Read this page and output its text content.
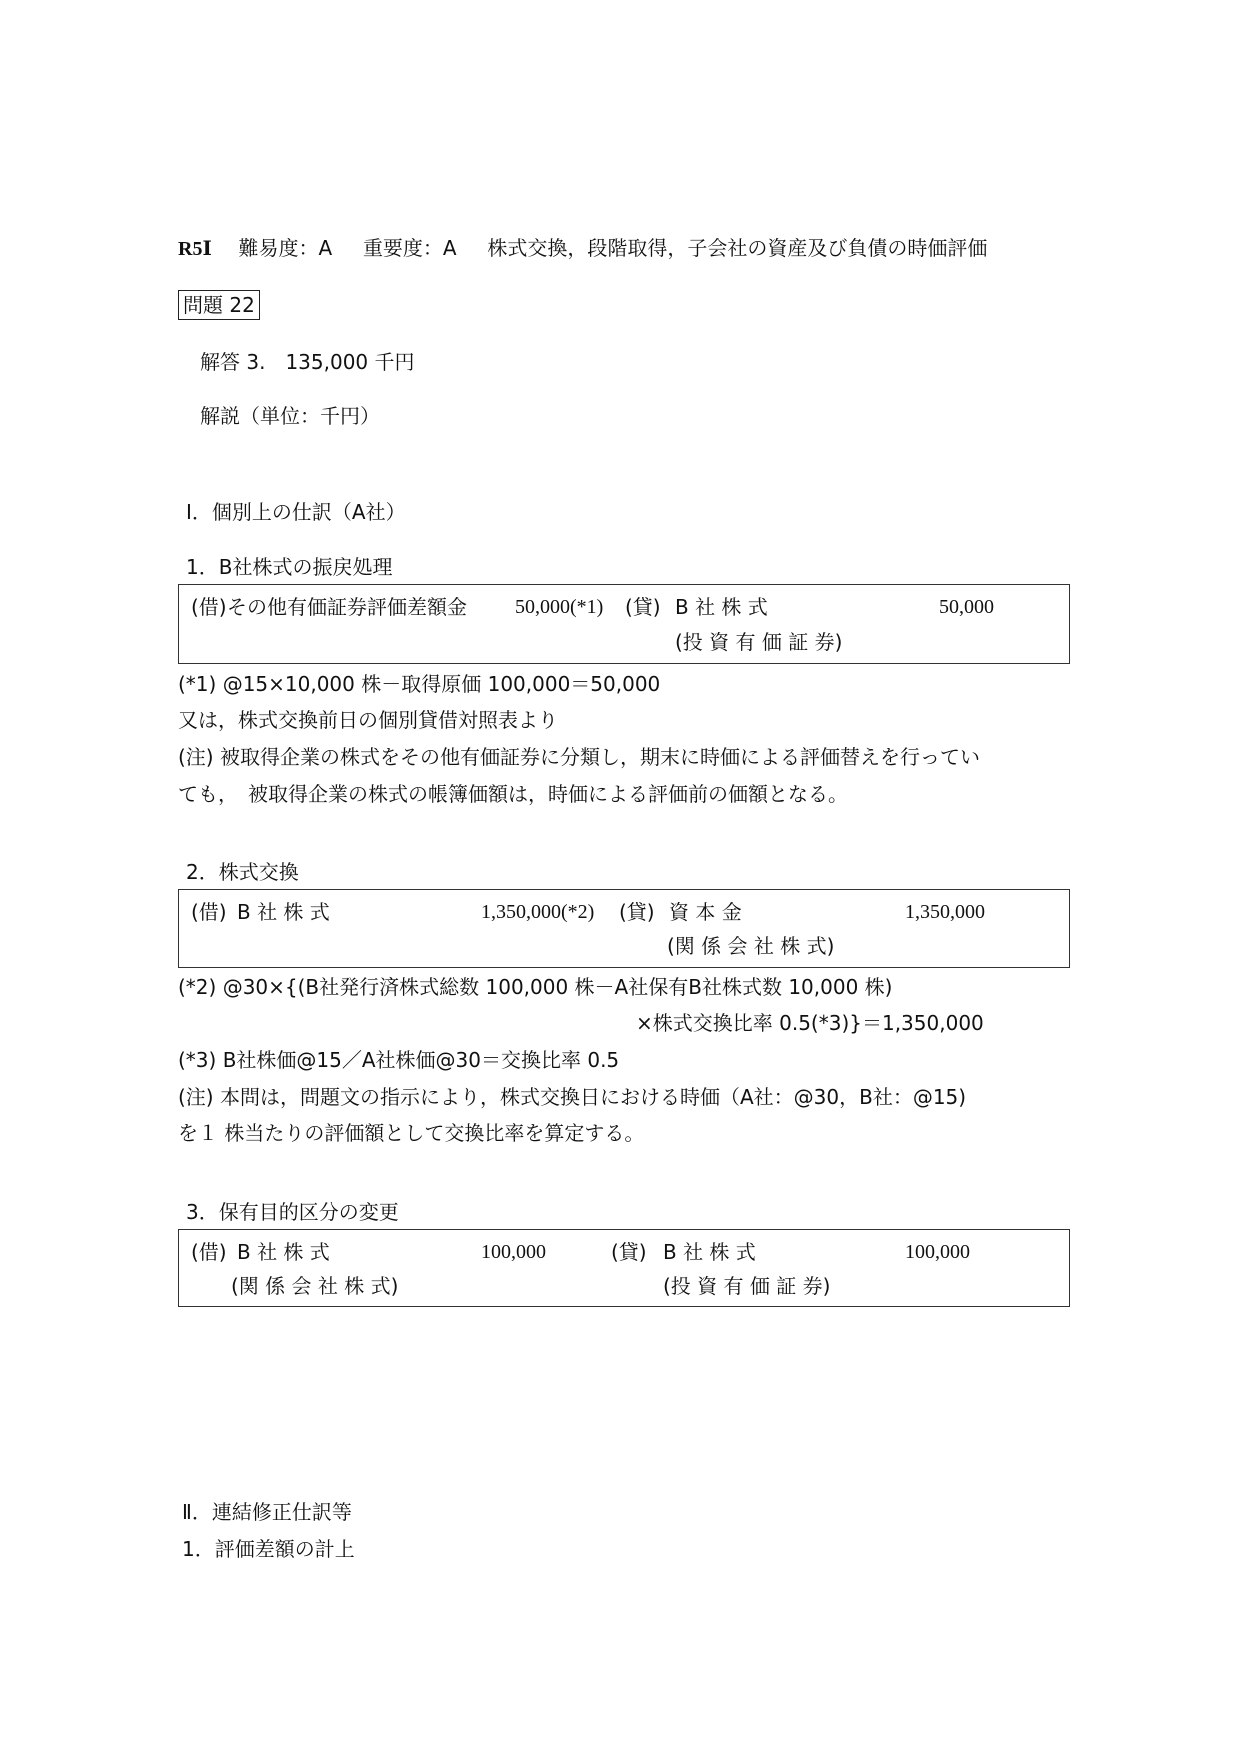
R5Ⅰ 難易度：A 重要度：A 株式交換，段階取得，子会社の資産及び負債の時価評価
問題 22
解答 3.　135,000 千円
解説（単位：千円）
Ⅰ．個別上の仕訳（A社）
1．B社株式の振戻処理
(借) その他有価証券評価差額金 50,000(*1) (貸) B 社 株 式	50,000
(投 資 有 価 証 券)
(*1) @15×10,000 株－取得原価 100,000＝50,000
又は，株式交換前日の個別貸借対照表より
(注) 被取得企業の株式をその他有価証券に分類し，期末に時価による評価替えを行ってい
ても，　被取得企業の株式の帳簿価額は，時価による評価前の価額となる。
2．株式交換
(借) B 社 株 式	1,350,000(*2) (貸) 資 本 金	1,350,000
(関 係 会 社 株 式)
(*2) @30×{(B社発行済株式総数 100,000 株－A社保有B社株式数 10,000 株)
×株式交換比率 0.5(*3)}＝1,350,000
(*3) B社株価@15／A社株価@30＝交換比率 0.5
(注) 本問は，問題文の指示により，株式交換日における時価（A社：@30，B社：@15)
を１ 株当たりの評価額として交換比率を算定する。
3．保有目的区分の変更
(借) B 社 株 式	100,000
(関 係 会 社 株 式)
(貸) B 社 株 式	100,000
(投 資 有 価 証 券)
Ⅱ．連結修正仕訳等
1．評価差額の計上
